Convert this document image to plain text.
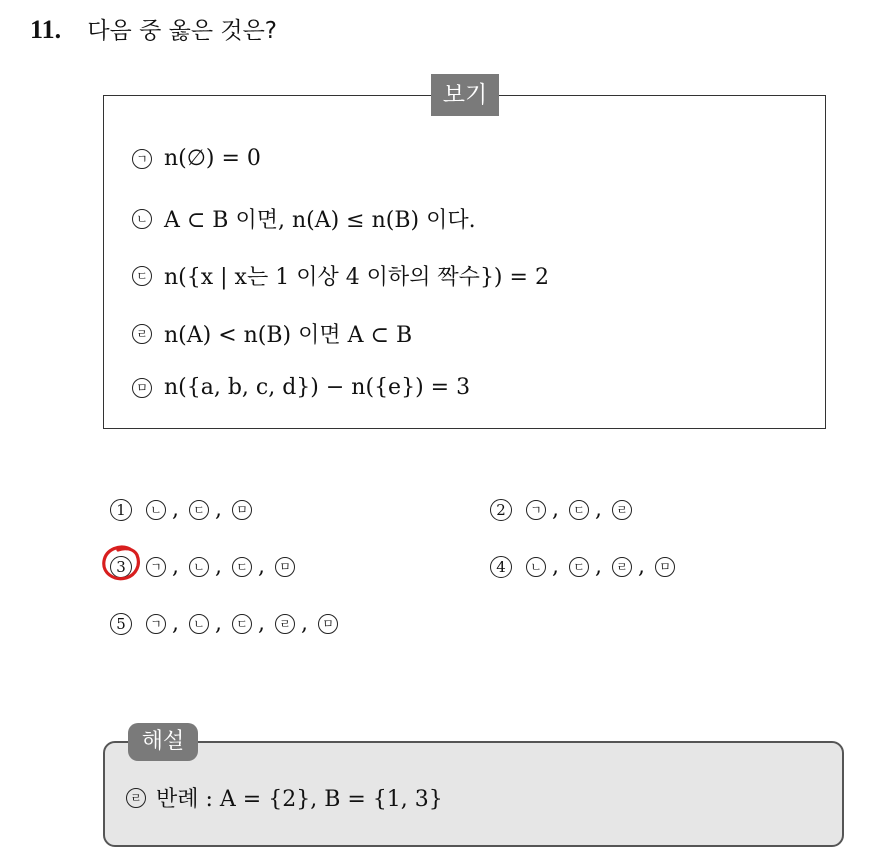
11. 다음 중 옳은 것은?
보기
ㄱ n(∅) = 0
ㄴ A ⊂ B 이면, n(A) ≤ n(B) 이다.
ㄷ n({x | x는 1 이상 4 이하의 짝수}) = 2
ㄹ n(A) < n(B) 이면 A ⊂ B
ㅁ n({a, b, c, d}) − n({e}) = 3
1	ㄴ ,	ㄷ ,	ㅁ	2	ㄱ ,	ㄷ ,	ㄹ
3	ㄱ ,	ㄴ ,	ㄷ ,	ㅁ	4	ㄴ ,	ㄷ ,	ㄹ ,	ㅁ
5	ㄱ ,	ㄴ ,	ㄷ ,	ㄹ ,	ㅁ
해설
ㄹ 반례 : A = {2}, B = {1, 3}
